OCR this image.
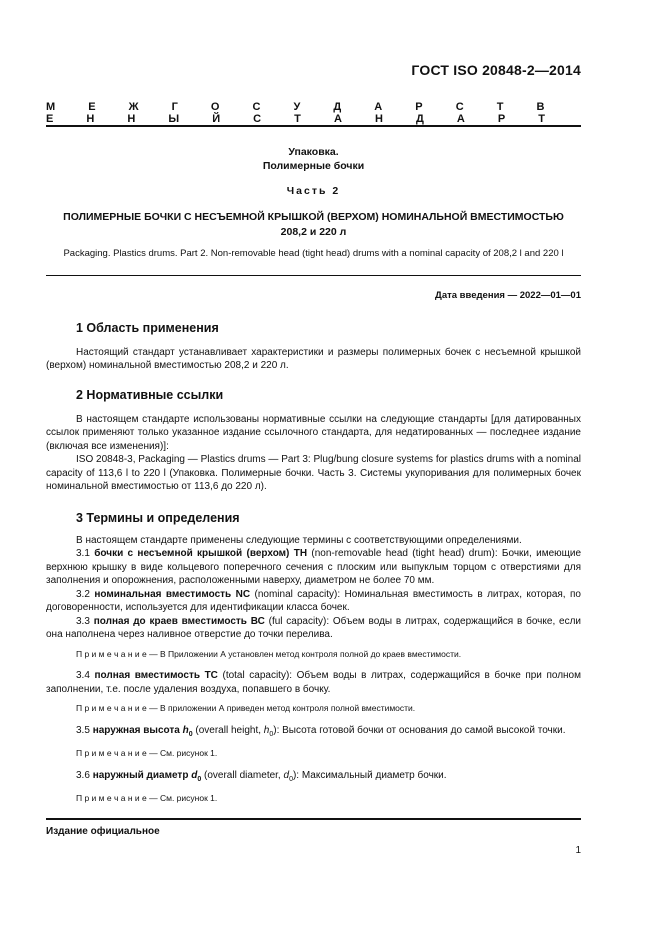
ГОСТ ISO 20848-2—2014
М Е Ж Г О С У Д А Р С Т В Е Н Н Ы Й С Т А Н Д А Р Т
Упаковка.
Полимерные бочки
Часть 2
ПОЛИМЕРНЫЕ БОЧКИ С НЕСЪЕМНОЙ КРЫШКОЙ (ВЕРХОМ) НОМИНАЛЬНОЙ ВМЕСТИМОСТЬЮ
208,2 и 220 л
Packaging. Plastics drums. Part 2. Non-removable head (tight head) drums with a nominal capacity of 208,2 l and 220 l
Дата введения — 2022—01—01
1 Область применения

Настоящий стандарт устанавливает характеристики и размеры полимерных бочек с несъемной крышкой (верхом) номинальной вместимостью 208,2 и 220 л.

2 Нормативные ссылки

В настоящем стандарте использованы нормативные ссылки на следующие стандарты [для датированных ссылок применяют только указанное издание ссылочного стандарта, для недатированных — последнее издание (включая все изменения)]:

ISO 20848-3, Packaging — Plastics drums — Part 3: Plug/bung closure systems for plastics drums with a nominal capacity of 113,6 l to 220 l (Упаковка. Полимерные бочки. Часть 3. Системы укупоривания для полимерных бочек номинальной вместимостью от 113,6 до 220 л).

3 Термины и определения

В настоящем стандарте применены следующие термины с соответствующими определениями.

3.1 бочки с несъемной крышкой (верхом) ТН (non-removable head (tight head) drum): Бочки, имеющие верхнюю крышку в виде кольцевого поперечного сечения с плоским или выпуклым торцом с отверстиями для заполнения и опорожнения, расположенными наверху, диаметром не более 70 мм.

3.2 номинальная вместимость NC (nominal capacity): Номинальная вместимость в литрах, которая, по договоренности, используется для идентификации класса бочек.

3.3 полная до краев вместимость ВС (ful capacity): Объем воды в литрах, содержащийся в бочке, если она наполнена через наливное отверстие до точки перелива.

П р и м е ч а н и е — В Приложении А установлен метод контроля полной до краев вместимости.

3.4 полная вместимость ТС (total capacity): Объем воды в литрах, содержащийся в бочке при полном заполнении, т.е. после удаления воздуха, попавшего в бочку.

П р и м е ч а н и е — В приложении А приведен метод контроля полной вместимости.

3.5 наружная высота $h_0$ (overall height, $h_0$): Высота готовой бочки от основания до самой высокой точки.

П р и м е ч а н и е — См. рисунок 1.

3.6 наружный диаметр $d_0$ (overall diameter, $d_0$): Максимальный диаметр бочки.

П р и м е ч а н и е — См. рисунок 1.

Издание официальное
1
